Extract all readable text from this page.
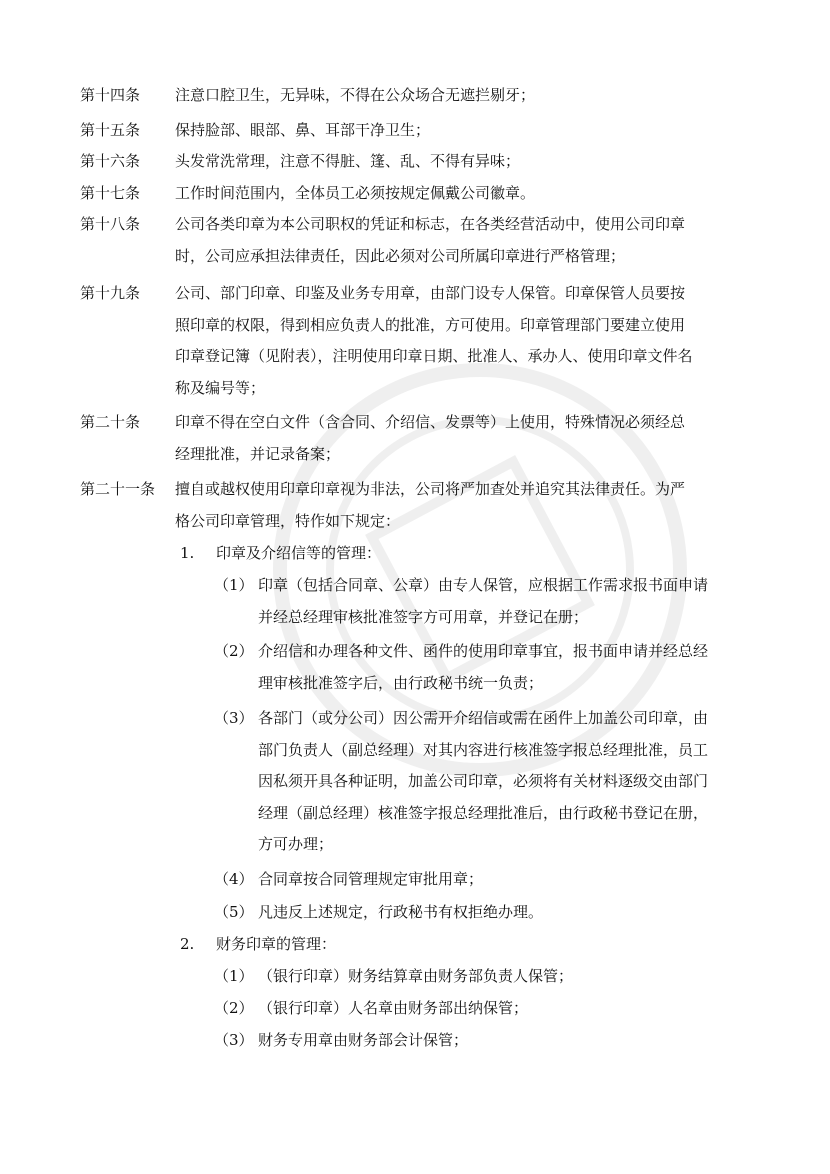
第十四条 注意口腔卫生，无异味，不得在公众场合无遮拦剔牙；
第十五条 保持脸部、眼部、鼻、耳部干净卫生；
第十六条 头发常洗常理，注意不得脏、篷、乱、不得有异味；
第十七条 工作时间范围内，全体员工必须按规定佩戴公司徽章。
第十八条 公司各类印章为本公司职权的凭证和标志，在各类经营活动中，使用公司印章
时，公司应承担法律责任，因此必须对公司所属印章进行严格管理；
第十九条 公司、部门印章、印鉴及业务专用章，由部门设专人保管。印章保管人员要按
照印章的权限，得到相应负责人的批准，方可使用。印章管理部门要建立使用
印章登记簿（见附表），注明使用印章日期、批准人、承办人、使用印章文件名
称及编号等；
第二十条 印章不得在空白文件（含合同、介绍信、发票等）上使用，特殊情况必须经总
经理批准，并记录备案；
第二十一条 擅自或越权使用印章印章视为非法，公司将严加查处并追究其法律责任。为严
格公司印章管理，特作如下规定：
1. 印章及介绍信等的管理：
（1） 印章（包括合同章、公章）由专人保管，应根据工作需求报书面申请
并经总经理审核批准签字方可用章，并登记在册；
（2） 介绍信和办理各种文件、函件的使用印章事宜，报书面申请并经总经
理审核批准签字后，由行政秘书统一负责；
（3） 各部门（或分公司）因公需开介绍信或需在函件上加盖公司印章，由
部门负责人（副总经理）对其内容进行核准签字报总经理批准，员工
因私须开具各种证明，加盖公司印章，必须将有关材料逐级交由部门
经理（副总经理）核准签字报总经理批准后，由行政秘书登记在册，
方可办理；
（4） 合同章按合同管理规定审批用章；
（5） 凡违反上述规定，行政秘书有权拒绝办理。
2. 财务印章的管理：
（1） （银行印章）财务结算章由财务部负责人保管；
（2） （银行印章）人名章由财务部出纳保管；
（3） 财务专用章由财务部会计保管；
